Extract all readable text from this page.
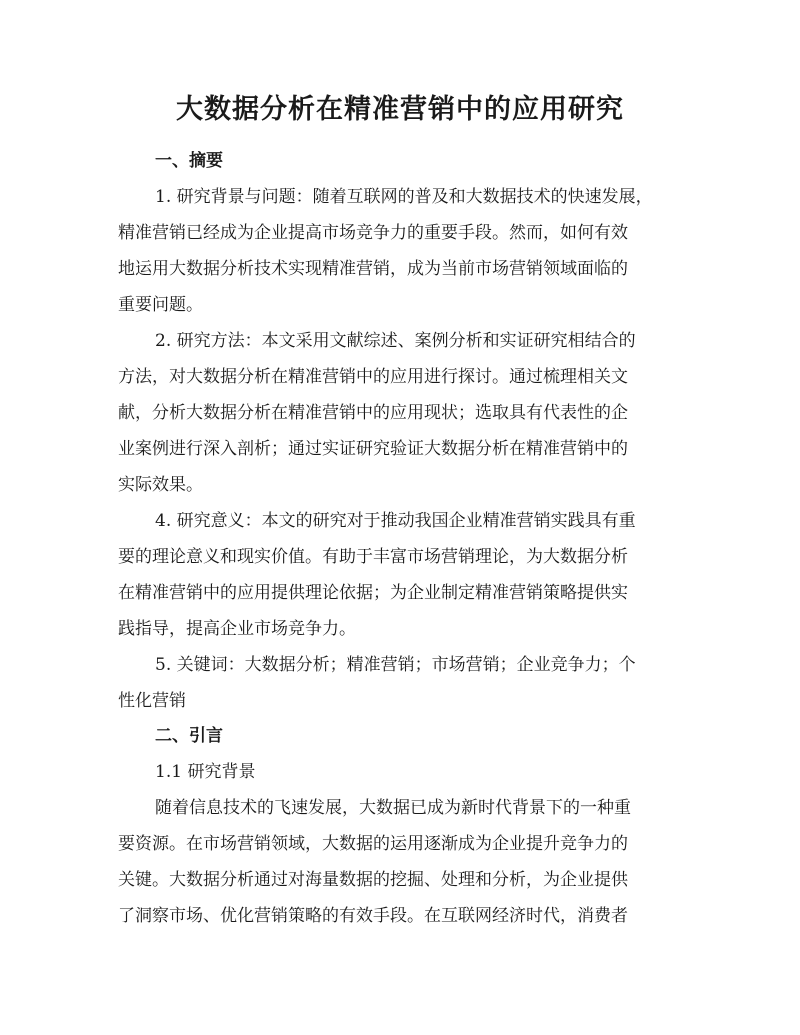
大数据分析在精准营销中的应用研究
一、摘要
1. 研究背景与问题：随着互联网的普及和大数据技术的快速发展，
精准营销已经成为企业提高市场竞争力的重要手段。然而，如何有效
地运用大数据分析技术实现精准营销，成为当前市场营销领域面临的
重要问题。
2. 研究方法：本文采用文献综述、案例分析和实证研究相结合的
方法，对大数据分析在精准营销中的应用进行探讨。通过梳理相关文
献，分析大数据分析在精准营销中的应用现状；选取具有代表性的企
业案例进行深入剖析；通过实证研究验证大数据分析在精准营销中的
实际效果。
4. 研究意义：本文的研究对于推动我国企业精准营销实践具有重
要的理论意义和现实价值。有助于丰富市场营销理论，为大数据分析
在精准营销中的应用提供理论依据；为企业制定精准营销策略提供实
践指导，提高企业市场竞争力。
5. 关键词：大数据分析；精准营销；市场营销；企业竞争力；个
性化营销
二、引言
1.1 研究背景
随着信息技术的飞速发展，大数据已成为新时代背景下的一种重
要资源。在市场营销领域，大数据的运用逐渐成为企业提升竞争力的
关键。大数据分析通过对海量数据的挖掘、处理和分析，为企业提供
了洞察市场、优化营销策略的有效手段。在互联网经济时代，消费者
